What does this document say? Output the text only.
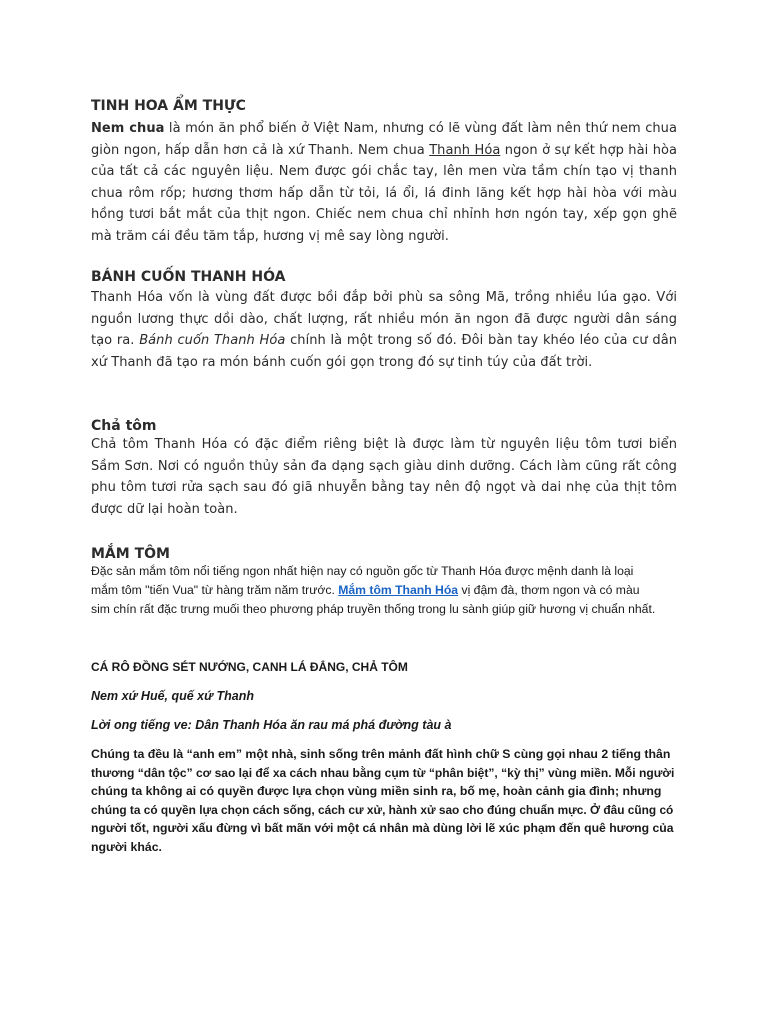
TINH HOA ẨM THỰC
Nem chua là món ăn phổ biến ở Việt Nam, nhưng có lẽ vùng đất làm nên thứ nem chua
giòn ngon, hấp dẫn hơn cả là xứ Thanh. Nem chua Thanh Hóa ngon ở sự kết hợp hài hòa
của tất cả các nguyên liệu. Nem được gói chắc tay, lên men vừa tầm chín tạo vị thanh
chua rôm rốp; hương thơm hấp dẫn từ tỏi, lá ổi, lá đinh lăng kết hợp hài hòa với màu
hồng tươi bắt mắt của thịt ngon. Chiếc nem chua chỉ nhỉnh hơn ngón tay, xếp gọn ghẽ
mà trăm cái đều tăm tắp, hương vị mê say lòng người.
BÁNH CUỐN THANH HÓA
Thanh Hóa vốn là vùng đất được bồi đắp bởi phù sa sông Mã, trồng nhiều lúa gạo. Với
nguồn lương thực dồi dào, chất lượng, rất nhiều món ăn ngon đã được người dân sáng
tạo ra. Bánh cuốn Thanh Hóa chính là một trong số đó. Đôi bàn tay khéo léo của cư dân
xứ Thanh đã tạo ra món bánh cuốn gói gọn trong đó sự tinh túy của đất trời.
Chả tôm
Chả tôm Thanh Hóa có đặc điểm riêng biệt là được làm từ nguyên liệu tôm tươi biển
Sầm Sơn. Nơi có nguồn thủy sản đa dạng sạch giàu dinh dưỡng. Cách làm cũng rất công
phu tôm tươi rửa sạch sau đó giã nhuyễn bằng tay nên độ ngọt và dai nhẹ của thịt tôm
được dữ lại hoàn toàn.
MẮM TÔM
Đặc sản mắm tôm nổi tiếng ngon nhất hiện nay có nguồn gốc từ Thanh Hóa được mệnh danh là loại
mắm tôm "tiến Vua" từ hàng trăm năm trước. Mắm tôm Thanh Hóa vị đậm đà, thơm ngon và có màu
sim chín rất đặc trưng muối theo phương pháp truyền thống trong lu sành giúp giữ hương vị chuẩn nhất.
CÁ RÔ ĐỒNG SÉT NƯỚNG, CANH LÁ ĐẮNG, CHẢ TÔM
Nem xứ Huế, quế xứ Thanh
Lời ong tiếng ve: Dân Thanh Hóa ăn rau má phá đường tàu à
Chúng ta đều là “anh em” một nhà, sinh sống trên mảnh đất hình chữ S cùng gọi nhau 2 tiếng thân
thương “dân tộc” cơ sao lại để xa cách nhau bằng cụm từ “phân biệt”, “kỳ thị” vùng miền. Mỗi người
chúng ta không ai có quyền được lựa chọn vùng miền sinh ra, bố mẹ, hoàn cảnh gia đình; nhưng
chúng ta có quyền lựa chọn cách sống, cách cư xử, hành xử sao cho đúng chuẩn mực. Ở đâu cũng có
người tốt, người xấu đừng vì bất mãn với một cá nhân mà dùng lời lẽ xúc phạm đến quê hương của
người khác.
